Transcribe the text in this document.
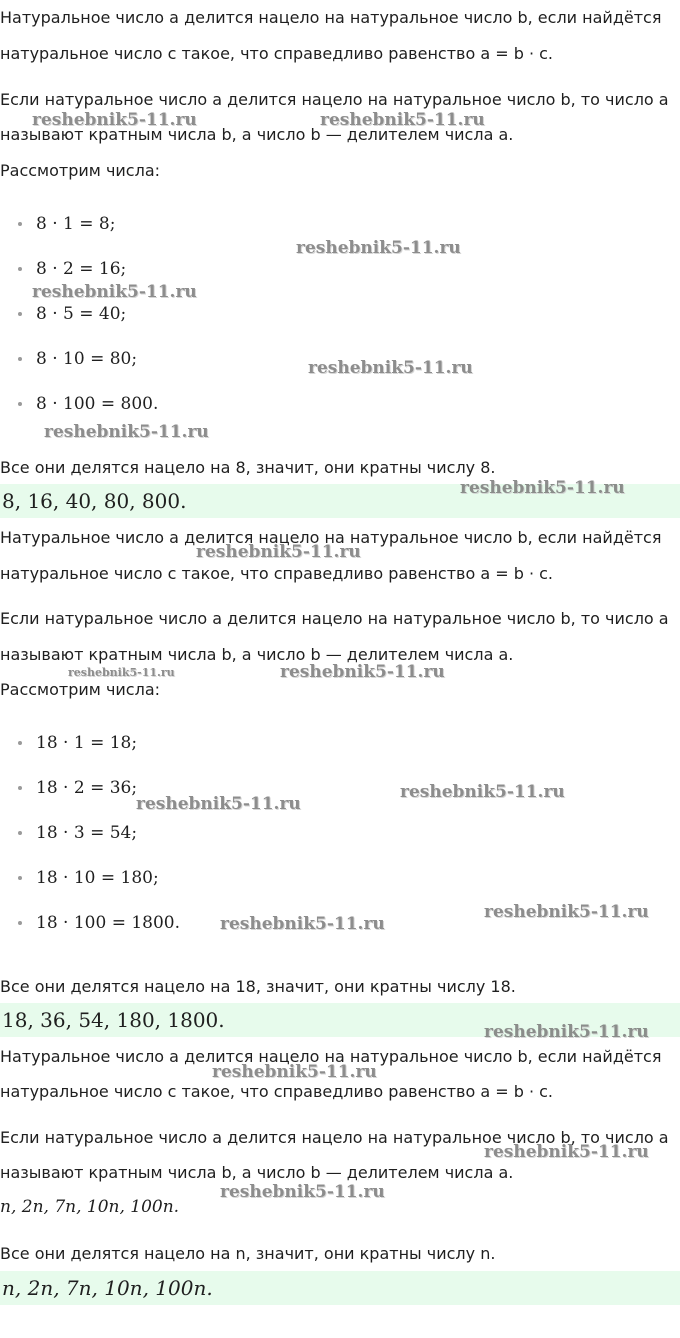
Натуральное число a делится нацело на натуральное число b, если найдётся

натуральное число c такое, что справедливо равенство a = b · c.

Если натуральное число a делится нацело на натуральное число b, то число a

называют кратным числа b, а число b — делителем числа a.

Рассмотрим числа:

8 · 1 = 8;
8 · 2 = 16;
8 · 5 = 40;
8 · 10 = 80;
8 · 100 = 800.

Все они делятся нацело на 8, значит, они кратны числу 8.

8, 16, 40, 80, 800.

Натуральное число a делится нацело на натуральное число b, если найдётся

натуральное число c такое, что справедливо равенство a = b · c.

Если натуральное число a делится нацело на натуральное число b, то число a

называют кратным числа b, а число b — делителем числа a.

Рассмотрим числа:

18 · 1 = 18;
18 · 2 = 36;
18 · 3 = 54;
18 · 10 = 180;
18 · 100 = 1800.

Все они делятся нацело на 18, значит, они кратны числу 18.

18, 36, 54, 180, 1800.

Натуральное число a делится нацело на натуральное число b, если найдётся

натуральное число c такое, что справедливо равенство a = b · c.

Если натуральное число a делится нацело на натуральное число b, то число a

называют кратным числа b, а число b — делителем числа a.

n, 2n, 7n, 10n, 100n.

Все они делятся нацело на n, значит, они кратны числу n.

n, 2n, 7n, 10n, 100n.
reshebnik5-11.ru	reshebnik5-11.ru
reshebnik5-11.ru
reshebnik5-11.ru
reshebnik5-11.ru
reshebnik5-11.ru
reshebnik5-11.ru
reshebnik5-11.ru
reshebnik5-11.ru	reshebnik5-11.ru
reshebnik5-11.ru
reshebnik5-11.ru
reshebnik5-11.ru
reshebnik5-11.ru
reshebnik5-11.ru
reshebnik5-11.ru
reshebnik5-11.ru
reshebnik5-11.ru
